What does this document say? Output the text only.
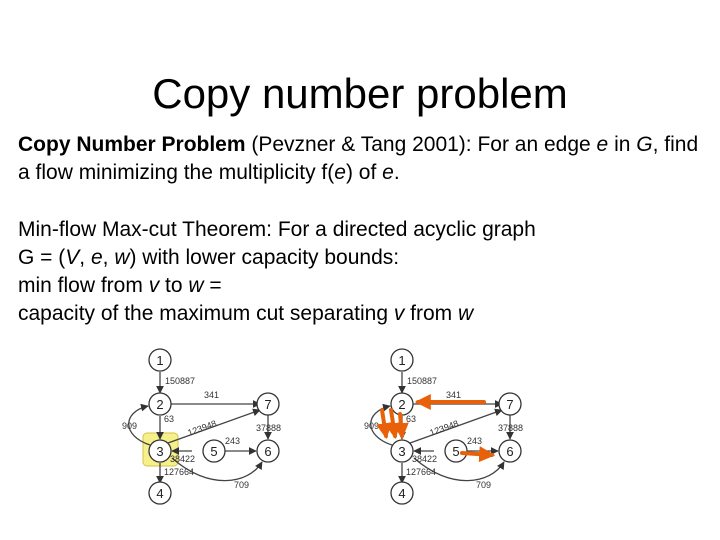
Copy number problem

Copy Number Problem (Pevzner & Tang 2001): For an edge e in G, find a flow minimizing the multiplicity f(e) of e.

Min-flow Max-cut Theorem: For a directed acyclic graph
G = (V, e, w) with lower capacity bounds:
min flow from v to w =
capacity of the maximum cut separating v from w

1
2	7
3	5	6
4
150887
341
63 123948	37888
909
243
38422
127664
709
1
2	7
3	5	6
4
150887
341
63 123948	37888
909
243
38422
127664
709
